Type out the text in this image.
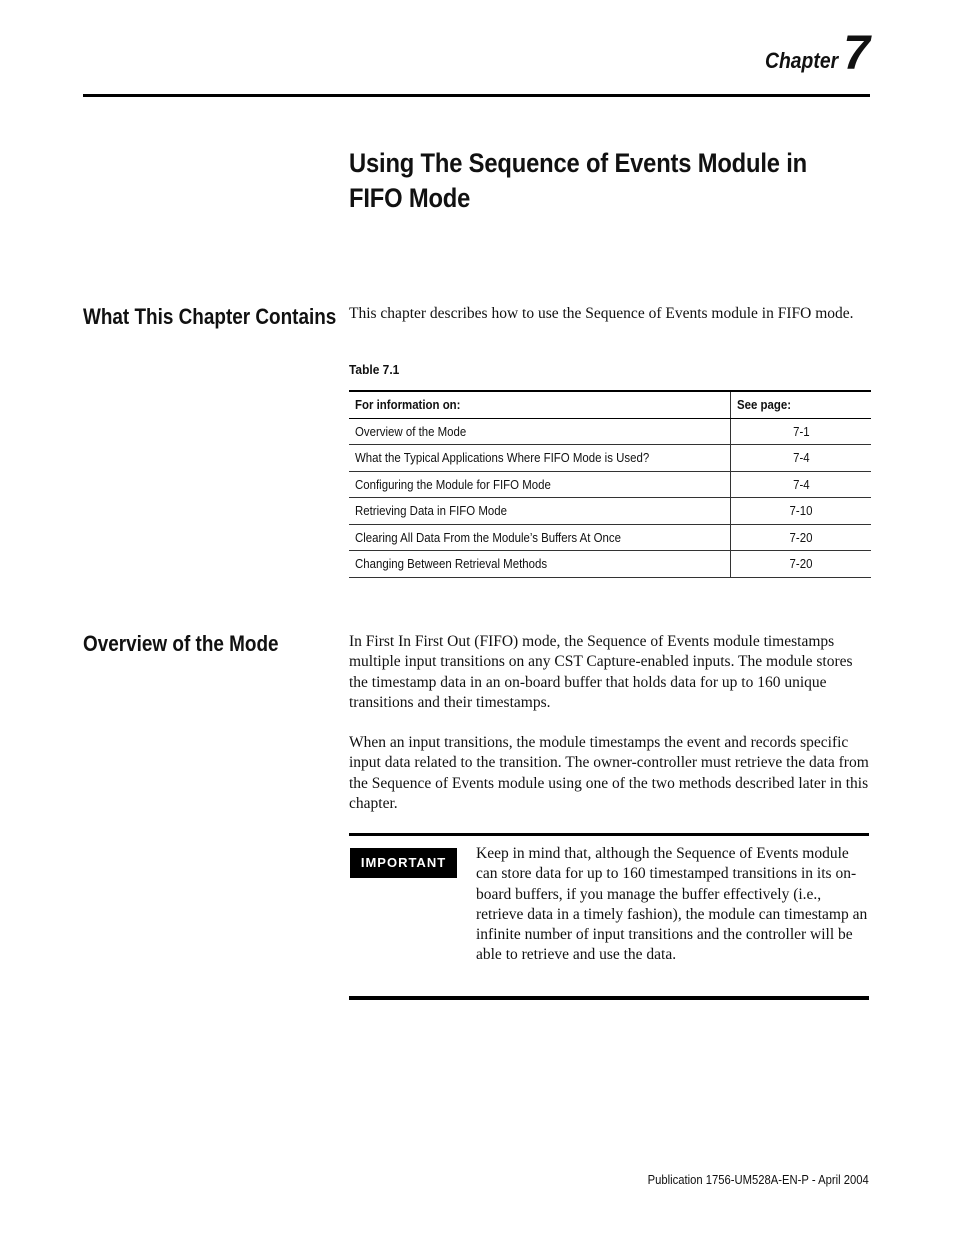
Chapter 7
Using The Sequence of Events Module in
FIFO Mode
What This Chapter Contains This chapter describes how to use the Sequence of Events module in FIFO mode.

Table 7.1

For information on:	See page:
Overview of the Mode	7-1
What the Typical Applications Where FIFO Mode is Used?	7-4
Configuring the Module for FIFO Mode	7-4
Retrieving Data in FIFO Mode	7-10
Clearing All Data From the Module’s Buffers At Once	7-20
Changing Between Retrieval Methods	7-20
Overview of the Mode	In First In First Out (FIFO) mode, the Sequence of Events module timestamps multiple input transitions on any CST Capture-enabled inputs. The module stores the timestamp data in an on-board buffer that holds data for up to 160 unique transitions and their timestamps.

When an input transitions, the module timestamps the event and records specific input data related to the transition. The owner-controller must retrieve the data from the Sequence of Events module using one of the two methods described later in this chapter.

IMPORTANT

Keep in mind that, although the Sequence of Events module can store data for up to 160 timestamped transitions in its on-board buffers, if you manage the buffer effectively (i.e., retrieve data in a timely fashion), the module can timestamp an infinite number of input transitions and the controller will be able to retrieve and use the data.

Publication 1756-UM528A-EN-P - April 2004
